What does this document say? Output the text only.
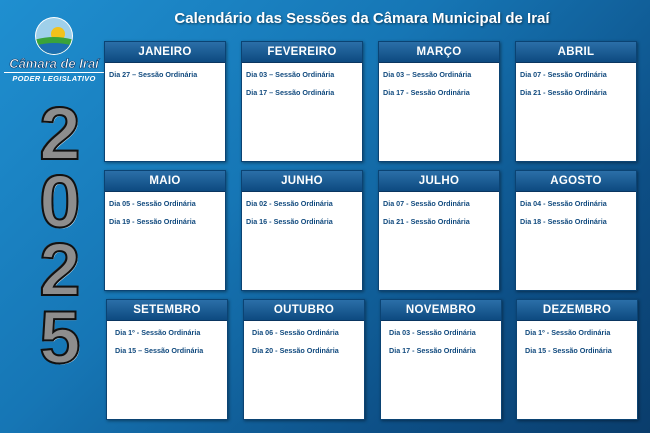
Calendário das Sessões da Câmara Municipal de Iraí
Câmara de Iraí
PODER LEGISLATIVO
2
0
2
5
JANEIRO
Dia 27 – Sessão Ordinária
FEVEREIRO
Dia 03 – Sessão Ordinária
Dia 17 – Sessão Ordinária
MARÇO
Dia 03 – Sessão Ordinária
Dia 17 - Sessão Ordinária
ABRIL
Dia 07 - Sessão Ordinária
Dia 21 - Sessão Ordinária
MAIO
Dia 05 - Sessão Ordinária
Dia 19 - Sessão Ordinária
JUNHO
Dia 02 - Sessão Ordinária
Dia 16 - Sessão Ordinária
JULHO
Dia 07 - Sessão Ordinária
Dia 21 - Sessão Ordinária
AGOSTO
Dia 04 - Sessão Ordinária
Dia 18 - Sessão Ordinária
SETEMBRO
Dia 1º - Sessão Ordinária
Dia 15 – Sessão Ordinária
OUTUBRO
Dia 06 - Sessão Ordinária
Dia 20 - Sessão Ordinária
NOVEMBRO
Dia 03 - Sessão Ordinária
Dia 17 - Sessão Ordinária
DEZEMBRO
Dia 1º - Sessão Ordinária
Dia 15 - Sessão Ordinária
